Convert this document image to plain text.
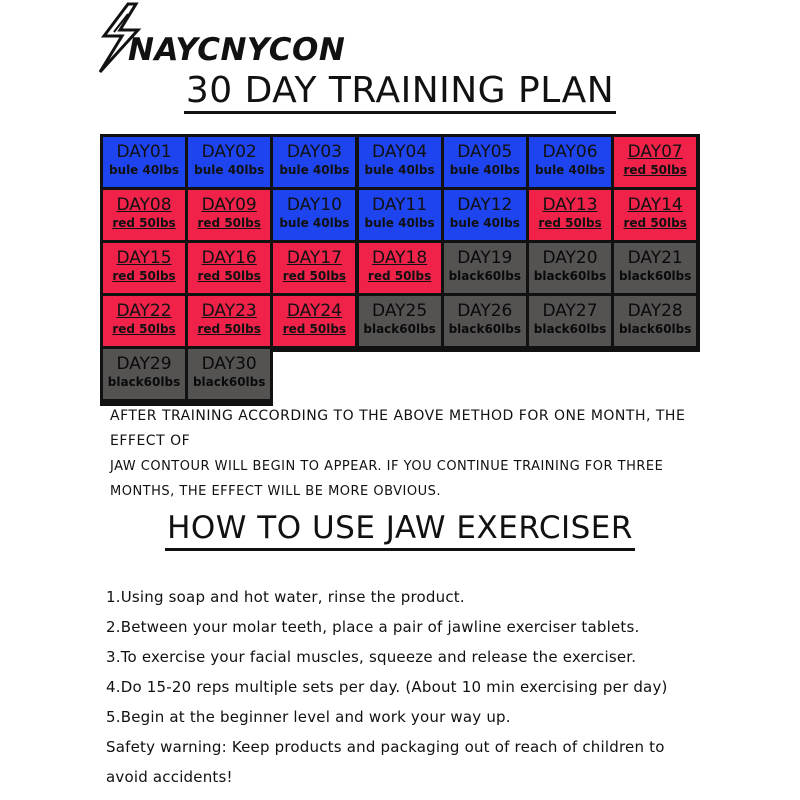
NAYCNYCON
30 DAY TRAINING PLAN
DAY01
bule 40lbs
DAY02
bule 40lbs
DAY03
bule 40lbs
DAY04
bule 40lbs
DAY05
bule 40lbs
DAY06
bule 40lbs
DAY07
red 50lbs
DAY08
red 50lbs
DAY09
red 50lbs
DAY10
bule 40lbs
DAY11
bule 40lbs
DAY12
bule 40lbs
DAY13
red 50lbs
DAY14
red 50lbs
DAY15
red 50lbs
DAY16
red 50lbs
DAY17
red 50lbs
DAY18
red 50lbs
DAY19
black60lbs
DAY20
black60lbs
DAY21
black60lbs
DAY22
red 50lbs
DAY23
red 50lbs
DAY24
red 50lbs
DAY25
black60lbs
DAY26
black60lbs
DAY27
black60lbs
DAY28
black60lbs
DAY29
black60lbs
DAY30
black60lbs
AFTER TRAINING ACCORDING TO THE ABOVE METHOD FOR ONE MONTH, THE EFFECT OF
JAW CONTOUR WILL BEGIN TO APPEAR. IF YOU CONTINUE TRAINING FOR THREE
MONTHS, THE EFFECT WILL BE MORE OBVIOUS.
HOW TO USE JAW EXERCISER
1.Using soap and hot water, rinse the product.
2.Between your molar teeth, place a pair of jawline exerciser tablets.
3.To exercise your facial muscles, squeeze and release the exerciser.
4.Do 15-20 reps multiple sets per day. (About 10 min exercising per day)
5.Begin at the beginner level and work your way up.
Safety warning: Keep products and packaging out of reach of children to avoid accidents!
